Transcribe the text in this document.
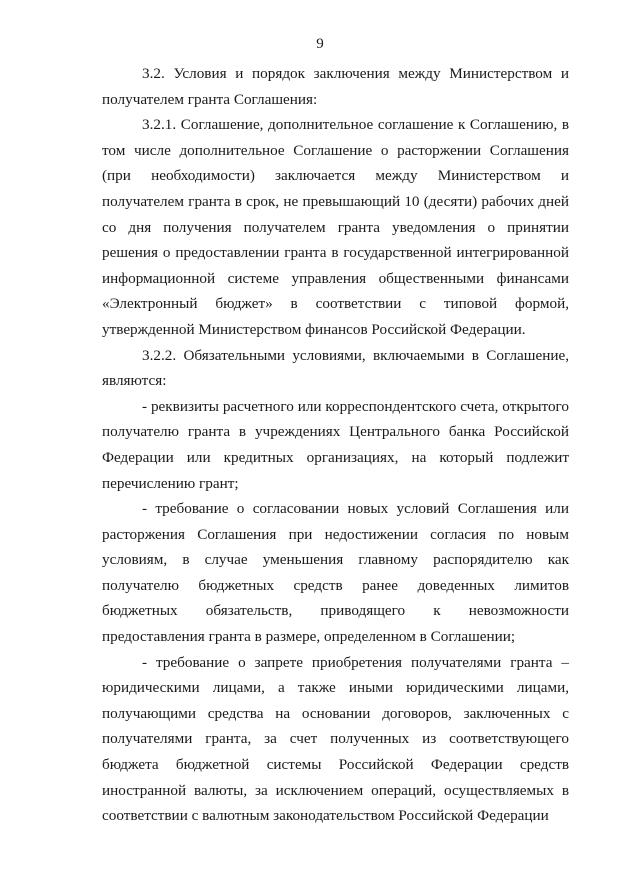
9

3.2. Условия и порядок заключения между Министерством и получателем гранта Соглашения:

3.2.1. Соглашение, дополнительное соглашение к Соглашению, в том числе дополнительное Соглашение о расторжении Соглашения (при необходимости) заключается между Министерством и получателем гранта в срок, не превышающий 10 (десяти) рабочих дней со дня получения получателем гранта уведомления о принятии решения о предоставлении гранта в государственной интегрированной информационной системе управления общественными финансами «Электронный бюджет» в соответствии с типовой формой, утвержденной Министерством финансов Российской Федерации.

3.2.2. Обязательными условиями, включаемыми в Соглашение, являются:

- реквизиты расчетного или корреспондентского счета, открытого получателю гранта в учреждениях Центрального банка Российской Федерации или кредитных организациях, на который подлежит перечислению грант;

- требование о согласовании новых условий Соглашения или расторжения Соглашения при недостижении согласия по новым условиям, в случае уменьшения главному распорядителю как получателю бюджетных средств ранее доведенных лимитов бюджетных обязательств, приводящего к невозможности предоставления гранта в размере, определенном в Соглашении;

- требование о запрете приобретения получателями гранта – юридическими лицами, а также иными юридическими лицами, получающими средства на основании договоров, заключенных с получателями гранта, за счет полученных из соответствующего бюджета бюджетной системы Российской Федерации средств иностранной валюты, за исключением операций, осуществляемых в соответствии с валютным законодательством Российской Федерации
